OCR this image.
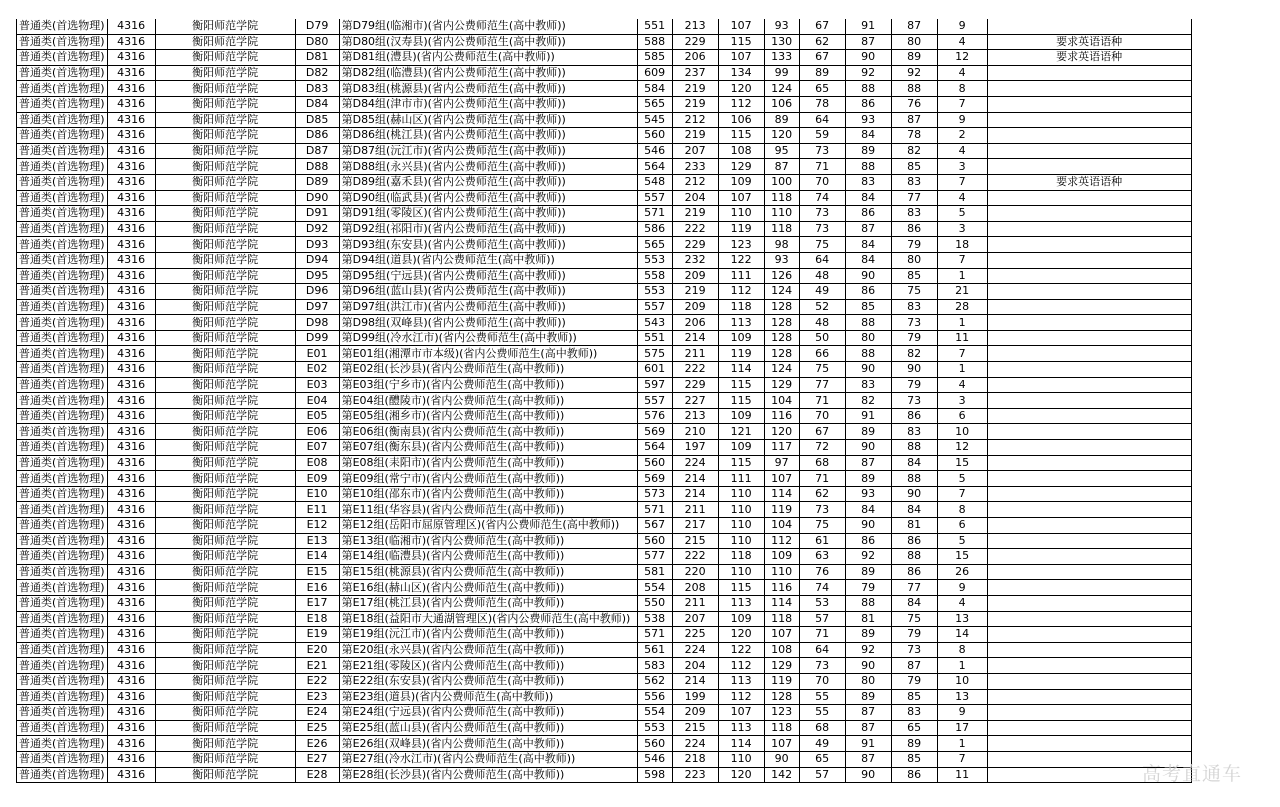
普通类(首选物理)	4316	衡阳师范学院	D79	第D79组(临湘市)(省内公费师范生(高中教师))	551	213	107	93	67	91	87	9	
普通类(首选物理)	4316	衡阳师范学院	D80	第D80组(汉寿县)(省内公费师范生(高中教师))	588	229	115	130	62	87	80	4	要求英语语种
普通类(首选物理)	4316	衡阳师范学院	D81	第D81组(澧县)(省内公费师范生(高中教师))	585	206	107	133	67	90	89	12	要求英语语种
普通类(首选物理)	4316	衡阳师范学院	D82	第D82组(临澧县)(省内公费师范生(高中教师))	609	237	134	99	89	92	92	4	
普通类(首选物理)	4316	衡阳师范学院	D83	第D83组(桃源县)(省内公费师范生(高中教师))	584	219	120	124	65	88	88	8	
普通类(首选物理)	4316	衡阳师范学院	D84	第D84组(津市市)(省内公费师范生(高中教师))	565	219	112	106	78	86	76	7	
普通类(首选物理)	4316	衡阳师范学院	D85	第D85组(赫山区)(省内公费师范生(高中教师))	545	212	106	89	64	93	87	9	
普通类(首选物理)	4316	衡阳师范学院	D86	第D86组(桃江县)(省内公费师范生(高中教师))	560	219	115	120	59	84	78	2	
普通类(首选物理)	4316	衡阳师范学院	D87	第D87组(沅江市)(省内公费师范生(高中教师))	546	207	108	95	73	89	82	4	
普通类(首选物理)	4316	衡阳师范学院	D88	第D88组(永兴县)(省内公费师范生(高中教师))	564	233	129	87	71	88	85	3	
普通类(首选物理)	4316	衡阳师范学院	D89	第D89组(嘉禾县)(省内公费师范生(高中教师))	548	212	109	100	70	83	83	7	要求英语语种
普通类(首选物理)	4316	衡阳师范学院	D90	第D90组(临武县)(省内公费师范生(高中教师))	557	204	107	118	74	84	77	4	
普通类(首选物理)	4316	衡阳师范学院	D91	第D91组(零陵区)(省内公费师范生(高中教师))	571	219	110	110	73	86	83	5	
普通类(首选物理)	4316	衡阳师范学院	D92	第D92组(祁阳市)(省内公费师范生(高中教师))	586	222	119	118	73	87	86	3	
普通类(首选物理)	4316	衡阳师范学院	D93	第D93组(东安县)(省内公费师范生(高中教师))	565	229	123	98	75	84	79	18	
普通类(首选物理)	4316	衡阳师范学院	D94	第D94组(道县)(省内公费师范生(高中教师))	553	232	122	93	64	84	80	7	
普通类(首选物理)	4316	衡阳师范学院	D95	第D95组(宁远县)(省内公费师范生(高中教师))	558	209	111	126	48	90	85	1	
普通类(首选物理)	4316	衡阳师范学院	D96	第D96组(蓝山县)(省内公费师范生(高中教师))	553	219	112	124	49	86	75	21	
普通类(首选物理)	4316	衡阳师范学院	D97	第D97组(洪江市)(省内公费师范生(高中教师))	557	209	118	128	52	85	83	28	
普通类(首选物理)	4316	衡阳师范学院	D98	第D98组(双峰县)(省内公费师范生(高中教师))	543	206	113	128	48	88	73	1	
普通类(首选物理)	4316	衡阳师范学院	D99	第D99组(冷水江市)(省内公费师范生(高中教师))	551	214	109	128	50	80	79	11	
普通类(首选物理)	4316	衡阳师范学院	E01	第E01组(湘潭市市本级)(省内公费师范生(高中教师))	575	211	119	128	66	88	82	7	
普通类(首选物理)	4316	衡阳师范学院	E02	第E02组(长沙县)(省内公费师范生(高中教师))	601	222	114	124	75	90	90	1	
普通类(首选物理)	4316	衡阳师范学院	E03	第E03组(宁乡市)(省内公费师范生(高中教师))	597	229	115	129	77	83	79	4	
普通类(首选物理)	4316	衡阳师范学院	E04	第E04组(醴陵市)(省内公费师范生(高中教师))	557	227	115	104	71	82	73	3	
普通类(首选物理)	4316	衡阳师范学院	E05	第E05组(湘乡市)(省内公费师范生(高中教师))	576	213	109	116	70	91	86	6	
普通类(首选物理)	4316	衡阳师范学院	E06	第E06组(衡南县)(省内公费师范生(高中教师))	569	210	121	120	67	89	83	10	
普通类(首选物理)	4316	衡阳师范学院	E07	第E07组(衡东县)(省内公费师范生(高中教师))	564	197	109	117	72	90	88	12	
普通类(首选物理)	4316	衡阳师范学院	E08	第E08组(耒阳市)(省内公费师范生(高中教师))	560	224	115	97	68	87	84	15	
普通类(首选物理)	4316	衡阳师范学院	E09	第E09组(常宁市)(省内公费师范生(高中教师))	569	214	111	107	71	89	88	5	
普通类(首选物理)	4316	衡阳师范学院	E10	第E10组(邵东市)(省内公费师范生(高中教师))	573	214	110	114	62	93	90	7	
普通类(首选物理)	4316	衡阳师范学院	E11	第E11组(华容县)(省内公费师范生(高中教师))	571	211	110	119	73	84	84	8	
普通类(首选物理)	4316	衡阳师范学院	E12	第E12组(岳阳市屈原管理区)(省内公费师范生(高中教师))	567	217	110	104	75	90	81	6	
普通类(首选物理)	4316	衡阳师范学院	E13	第E13组(临湘市)(省内公费师范生(高中教师))	560	215	110	112	61	86	86	5	
普通类(首选物理)	4316	衡阳师范学院	E14	第E14组(临澧县)(省内公费师范生(高中教师))	577	222	118	109	63	92	88	15	
普通类(首选物理)	4316	衡阳师范学院	E15	第E15组(桃源县)(省内公费师范生(高中教师))	581	220	110	110	76	89	86	26	
普通类(首选物理)	4316	衡阳师范学院	E16	第E16组(赫山区)(省内公费师范生(高中教师))	554	208	115	116	74	79	77	9	
普通类(首选物理)	4316	衡阳师范学院	E17	第E17组(桃江县)(省内公费师范生(高中教师))	550	211	113	114	53	88	84	4	
普通类(首选物理)	4316	衡阳师范学院	E18	第E18组(益阳市大通湖管理区)(省内公费师范生(高中教师))	538	207	109	118	57	81	75	13	
普通类(首选物理)	4316	衡阳师范学院	E19	第E19组(沅江市)(省内公费师范生(高中教师))	571	225	120	107	71	89	79	14	
普通类(首选物理)	4316	衡阳师范学院	E20	第E20组(永兴县)(省内公费师范生(高中教师))	561	224	122	108	64	92	73	8	
普通类(首选物理)	4316	衡阳师范学院	E21	第E21组(零陵区)(省内公费师范生(高中教师))	583	204	112	129	73	90	87	1	
普通类(首选物理)	4316	衡阳师范学院	E22	第E22组(东安县)(省内公费师范生(高中教师))	562	214	113	119	70	80	79	10	
普通类(首选物理)	4316	衡阳师范学院	E23	第E23组(道县)(省内公费师范生(高中教师))	556	199	112	128	55	89	85	13	
普通类(首选物理)	4316	衡阳师范学院	E24	第E24组(宁远县)(省内公费师范生(高中教师))	554	209	107	123	55	87	83	9	
普通类(首选物理)	4316	衡阳师范学院	E25	第E25组(蓝山县)(省内公费师范生(高中教师))	553	215	113	118	68	87	65	17	
普通类(首选物理)	4316	衡阳师范学院	E26	第E26组(双峰县)(省内公费师范生(高中教师))	560	224	114	107	49	91	89	1	
普通类(首选物理)	4316	衡阳师范学院	E27	第E27组(冷水江市)(省内公费师范生(高中教师))	546	218	110	90	65	87	85	7	
普通类(首选物理)	4316	衡阳师范学院	E28	第E28组(长沙县)(省内公费师范生(高中教师))	598	223	120	142	57	90	86	11		高考直通车
